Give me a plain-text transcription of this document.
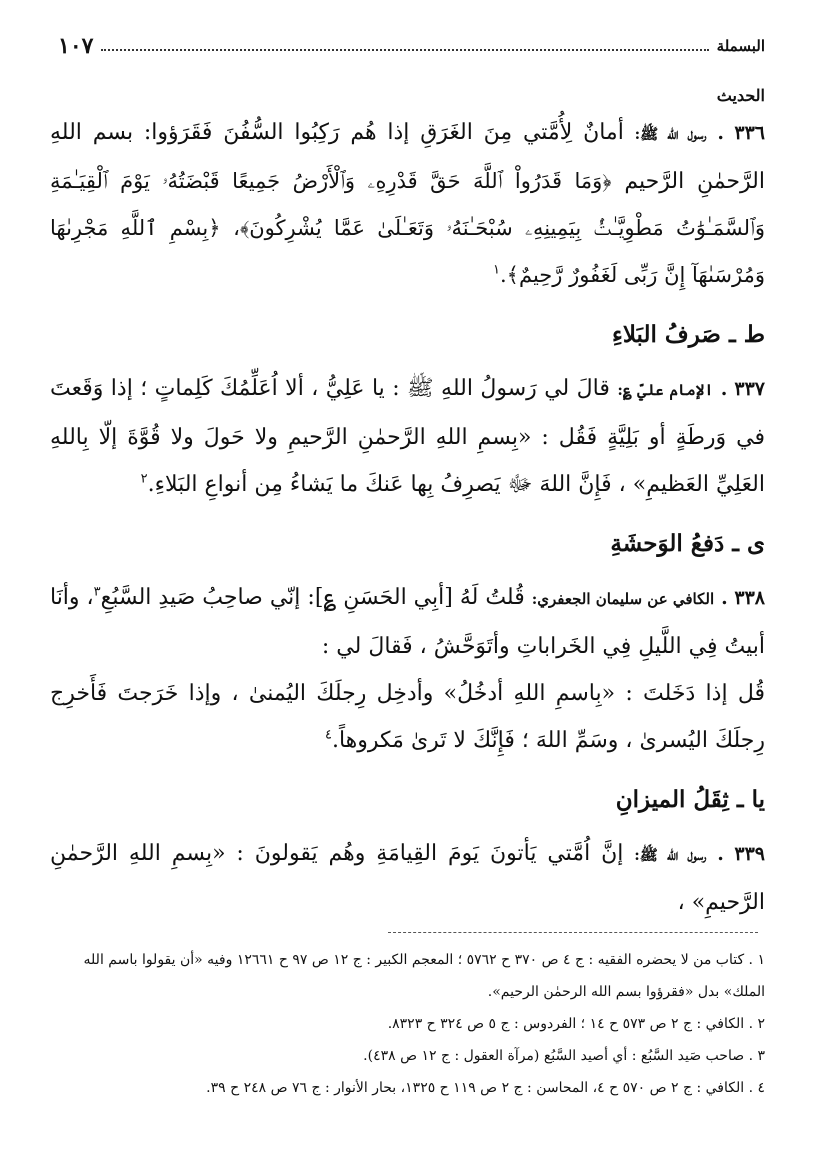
البسملة
١٠٧
الحديث

٣٣٦ . رسول الله ﷺ: أمانٌ لِأُمَّتي مِنَ الغَرَقِ إذا هُم رَكِبُوا السُّفُنَ فَقَرَؤوا: بسم اللهِ الرَّحمٰنِ الرَّحيم ﴿وَمَا قَدَرُواْ ٱللَّهَ حَقَّ قَدْرِهِۦ وَٱلْأَرْضُ جَمِيعًا قَبْضَتُهُۥ يَوْمَ ٱلْقِيَـٰمَةِ وَٱلسَّمَـٰوَٰتُ مَطْوِيَّـٰتُۢ بِيَمِينِهِۦ سُبْحَـٰنَهُۥ وَتَعَـٰلَىٰ عَمَّا يُشْرِكُونَ﴾، ﴿بِسْمِ ٱللَّهِ مَجْرِىٰهَا وَمُرْسَىٰهَآ إِنَّ رَبِّى لَغَفُورٌ رَّحِيمٌ﴾.$^١$

ط ـ صَرفُ البَلاءِ

٣٣٧ . الإمام عليّ ؏: قالَ لي رَسولُ اللهِ ﷺ : يا عَلِيُّ ، ألا اُعَلِّمُكَ كَلِماتٍ ؛ إذا وَقَعتَ في وَرطَةٍ أو بَلِيَّةٍ فَقُل : «بِسمِ اللهِ الرَّحمٰنِ الرَّحيمِ ولا حَولَ ولا قُوَّةَ إلّا بِاللهِ العَلِيِّ العَظيمِ» ، فَإِنَّ اللهَ ﷻ يَصرِفُ بِها عَنكَ ما يَشاءُ مِن أنواعِ البَلاءِ.$^٢$

ى ـ دَفعُ الوَحشَةِ

٣٣٨ . الكافي عن سليمان الجعفري: قُلتُ لَهُ [أبِي الحَسَنِ ؏]: إنّي صاحِبُ صَيدِ السَّبُعِ$^٣$، وأنَا أبيتُ فِي اللَّيلِ فِي الخَراباتِ وأتَوَحَّشُ ، فَقالَ لي :

قُل إذا دَخَلتَ : «بِاسمِ اللهِ أدخُلُ» وأدخِل رِجلَكَ اليُمنىٰ ، وإذا خَرَجتَ فَأَخرِج رِجلَكَ اليُسرىٰ ، وسَمِّ اللهَ ؛ فَإِنَّكَ لا تَرىٰ مَكروهاً.$^٤$

يا ـ ثِقَلُ الميزانِ

٣٣٩ . رسول الله ﷺ: إنَّ اُمَّتي يَأتونَ يَومَ القِيامَةِ وهُم يَقولونَ : «بِسمِ اللهِ الرَّحمٰنِ الرَّحيمِ» ،

١ . كتاب من لا يحضره الفقيه : ج ٤ ص ٣٧٠ ح ٥٧٦٢ ؛ المعجم الكبير : ج ١٢ ص ٩٧ ح ١٢٦٦١ وفيه «أن يقولوا باسم الله الملك» بدل «فقرؤوا بسم الله الرحمٰن الرحيم».
٢ . الكافي : ج ٢ ص ٥٧٣ ح ١٤ ؛ الفردوس : ج ٥ ص ٣٢٤ ح ٨٣٢٣.
٣ . صاحب صَيد السَّبُع : أي أصيد السَّبُع (مرآة العقول : ج ١٢ ص ٤٣٨).
٤ . الكافي : ج ٢ ص ٥٧٠ ح ٤، المحاسن : ج ٢ ص ١١٩ ح ١٣٢٥، بحار الأنوار : ج ٧٦ ص ٢٤٨ ح ٣٩.
